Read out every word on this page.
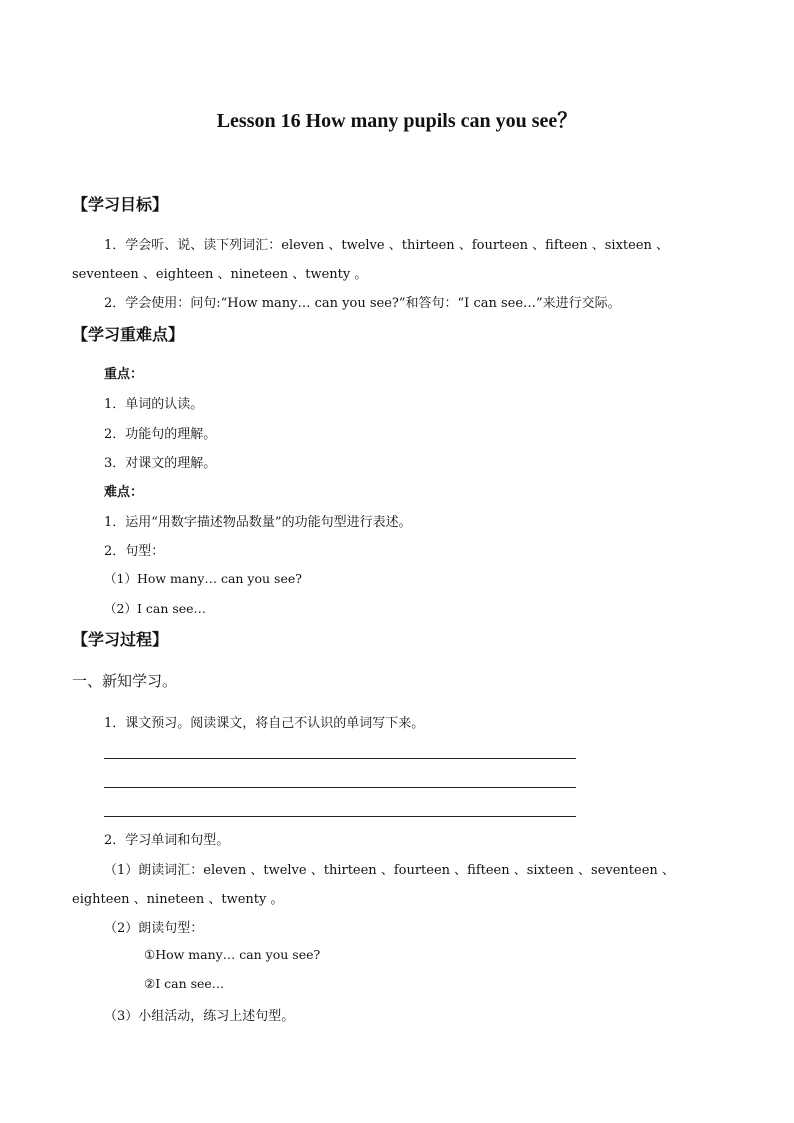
Lesson 16 How many pupils can you see？
【学习目标】
1．学会听、说、读下列词汇：eleven 、twelve 、thirteen 、fourteen 、fifteen 、sixteen 、
seventeen 、eighteen 、nineteen 、twenty 。
2．学会使用：问句:“How many… can you see?”和答句：“I can see…”来进行交际。
【学习重难点】
重点：
1．单词的认读。
2．功能句的理解。
3．对课文的理解。
难点：
1．运用“用数字描述物品数量”的功能句型进行表述。
2．句型：
（1）How many… can you see?
（2）I can see…
【学习过程】
一、新知学习。
1．课文预习。阅读课文，将自己不认识的单词写下来。
2．学习单词和句型。
（1）朗读词汇：eleven 、twelve 、thirteen 、fourteen 、fifteen 、sixteen 、seventeen 、
eighteen 、nineteen 、twenty 。
（2）朗读句型：
①How many… can you see?
②I can see…
（3）小组活动，练习上述句型。
